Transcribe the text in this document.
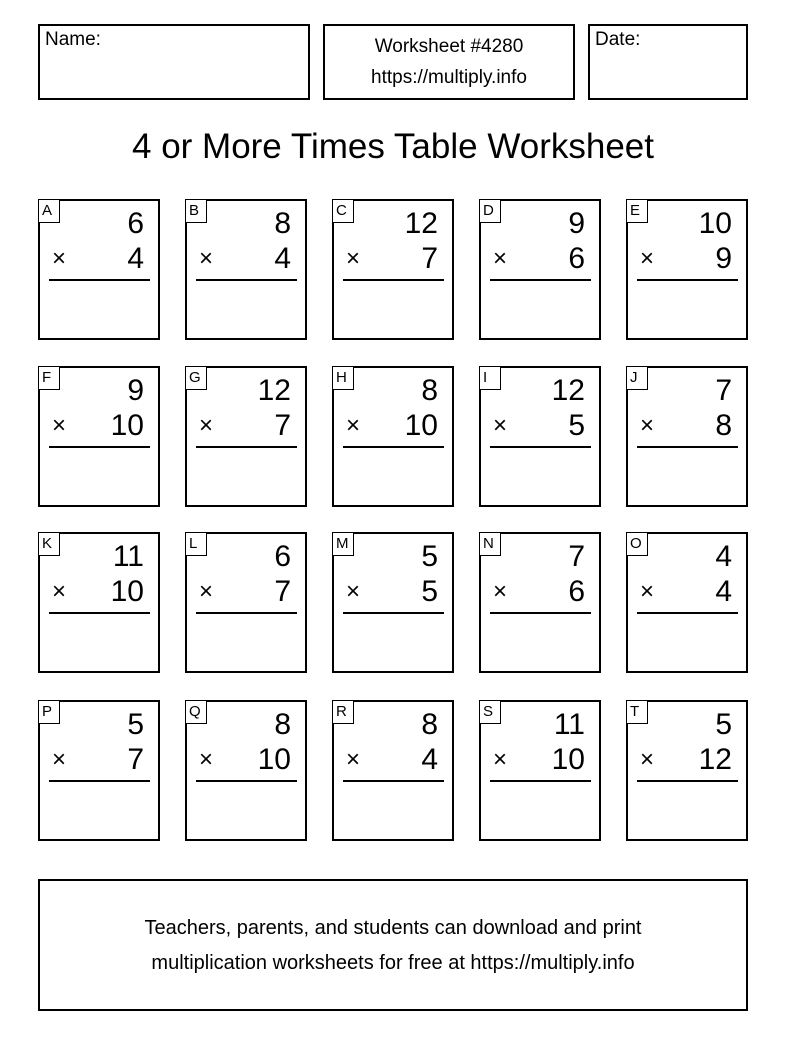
Name:	Worksheet #4280
https://multiply.info
Date:
4 or More Times Table Worksheet
A	6
× 4
B	8
× 4
C 12
× 7
D 9
× 6
E 10
× 9
F	9
× 10
G 12
× 7
H 8
× 10
I	12
× 5
J	7
× 8
K 11
× 10
L	6
× 7
M 5
× 5
N 7
× 6
O 4
× 4
P	5
× 7
Q 8
× 10
R 8
× 4
S 11
× 10
T	5
× 12
Teachers, parents, and students can download and print
multiplication worksheets for free at https://multiply.info
